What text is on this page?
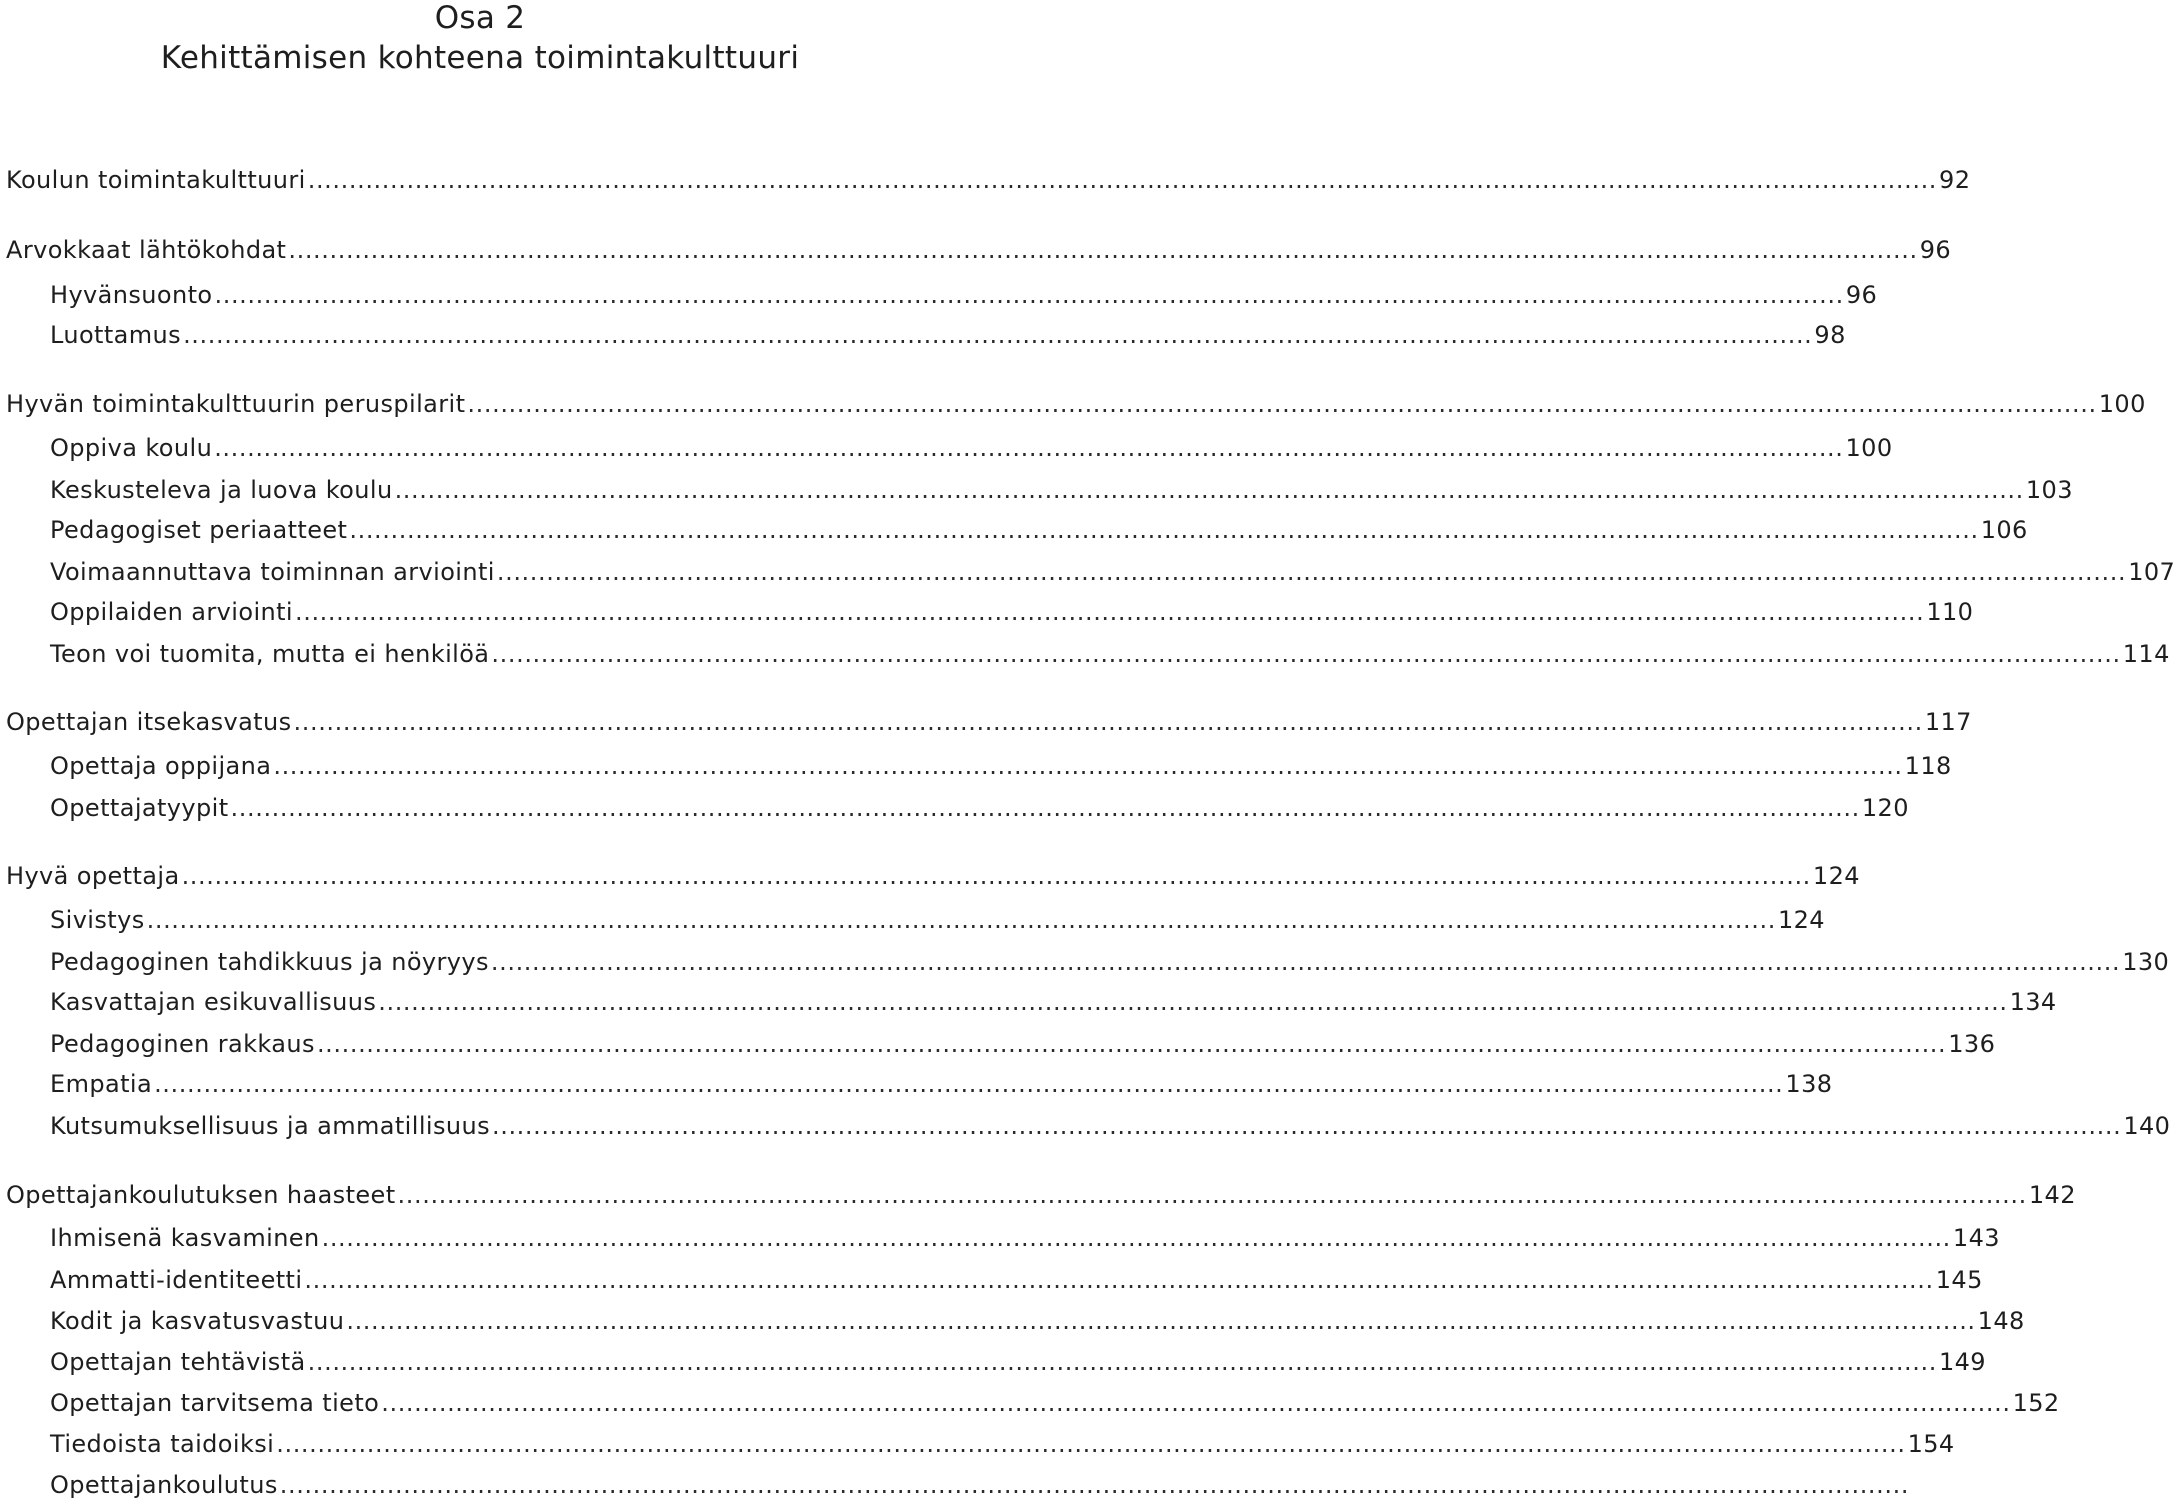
Osa 2
Kehittämisen kohteena toimintakulttuuri
Koulun toimintakulttuuri ...................................................................................................................................................................................................... 92
Arvokkaat lähtökohdat ...................................................................................................................................................................................................... 96
Hyvänsuonto ...................................................................................................................................................................................................... 96
Luottamus ...................................................................................................................................................................................................... 98
Hyvän toimintakulttuurin peruspilarit ...................................................................................................................................................................................................... 100
Oppiva koulu ...................................................................................................................................................................................................... 100
Keskusteleva ja luova koulu ...................................................................................................................................................................................................... 103
Pedagogiset periaatteet ...................................................................................................................................................................................................... 106
Voimaannuttava toiminnan arviointi ...................................................................................................................................................................................................... 107
Oppilaiden arviointi ...................................................................................................................................................................................................... 110
Teon voi tuomita, mutta ei henkilöä ...................................................................................................................................................................................................... 114
Opettajan itsekasvatus ...................................................................................................................................................................................................... 117
Opettaja oppijana ...................................................................................................................................................................................................... 118
Opettajatyypit ...................................................................................................................................................................................................... 120
Hyvä opettaja ...................................................................................................................................................................................................... 124
Sivistys ...................................................................................................................................................................................................... 124
Pedagoginen tahdikkuus ja nöyryys ...................................................................................................................................................................................................... 130
Kasvattajan esikuvallisuus ...................................................................................................................................................................................................... 134
Pedagoginen rakkaus ...................................................................................................................................................................................................... 136
Empatia ...................................................................................................................................................................................................... 138
Kutsumuksellisuus ja ammatillisuus ...................................................................................................................................................................................................... 140
Opettajankoulutuksen haasteet ...................................................................................................................................................................................................... 142
Ihmisenä kasvaminen ...................................................................................................................................................................................................... 143
Ammatti-identiteetti ...................................................................................................................................................................................................... 145
Kodit ja kasvatusvastuu ...................................................................................................................................................................................................... 148
Opettajan tehtävistä ...................................................................................................................................................................................................... 149
Opettajan tarvitsema tieto ...................................................................................................................................................................................................... 152
Tiedoista taidoiksi ...................................................................................................................................................................................................... 154
Opettajankoulutus ......................................................................................................................................................................................................
